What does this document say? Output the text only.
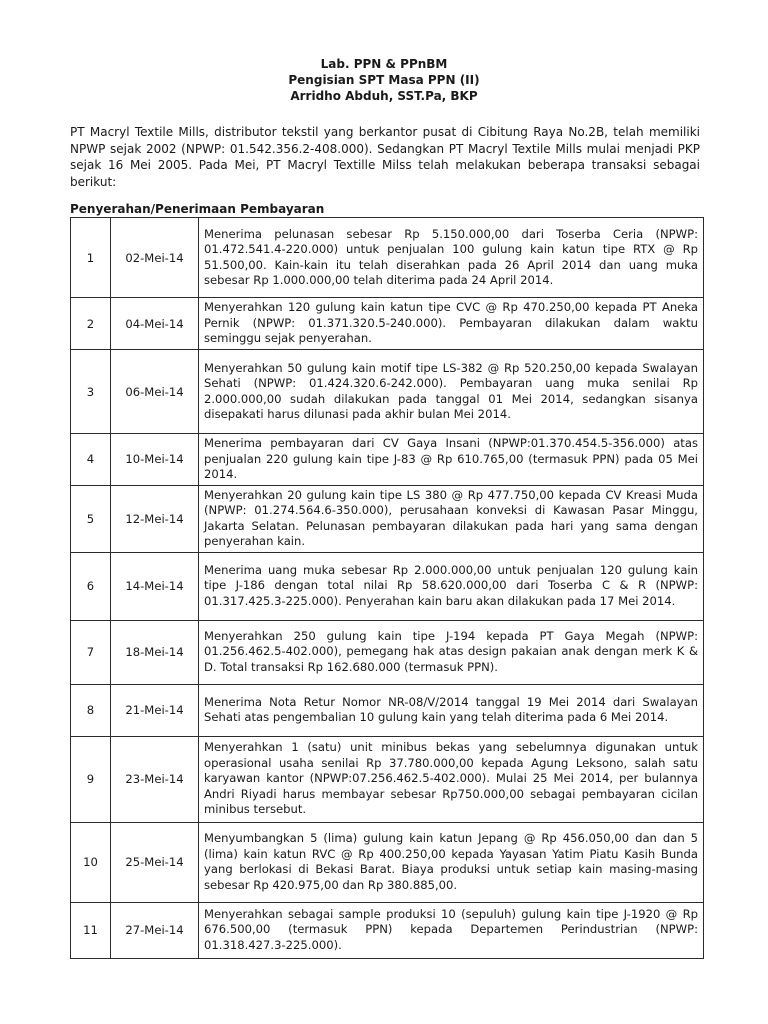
Lab. PPN & PPnBM
Pengisian SPT Masa PPN (II)
Arridho Abduh, SST.Pa, BKP
PT Macryl Textile Mills, distributor tekstil yang berkantor pusat di Cibitung Raya No.2B, telah memiliki NPWP sejak 2002 (NPWP: 01.542.356.2-408.000). Sedangkan PT Macryl Textile Mills mulai menjadi PKP sejak 16 Mei 2005. Pada Mei, PT Macryl Textille Milss telah melakukan beberapa transaksi sebagai berikut:
Penyerahan/Penerimaan Pembayaran
1	02-Mei-14	Menerima pelunasan sebesar Rp 5.150.000,00 dari Toserba Ceria (NPWP: 01.472.541.4-220.000) untuk penjualan 100 gulung kain katun tipe RTX @ Rp 51.500,00. Kain-kain itu telah diserahkan pada 26 April 2014 dan uang muka sebesar Rp 1.000.000,00 telah diterima pada 24 April 2014.
2	04-Mei-14	Menyerahkan 120 gulung kain katun tipe CVC @ Rp 470.250,00 kepada PT Aneka Pernik (NPWP: 01.371.320.5-240.000). Pembayaran dilakukan dalam waktu seminggu sejak penyerahan.
3	06-Mei-14	Menyerahkan 50 gulung kain motif tipe LS-382 @ Rp 520.250,00 kepada Swalayan Sehati (NPWP: 01.424.320.6-242.000). Pembayaran uang muka senilai Rp 2.000.000,00 sudah dilakukan pada tanggal 01 Mei 2014, sedangkan sisanya disepakati harus dilunasi pada akhir bulan Mei 2014.
4	10-Mei-14	Menerima pembayaran dari CV Gaya Insani (NPWP:01.370.454.5-356.000) atas penjualan 220 gulung kain tipe J-83 @ Rp 610.765,00 (termasuk PPN) pada 05 Mei 2014.
5	12-Mei-14	Menyerahkan 20 gulung kain tipe LS 380 @ Rp 477.750,00 kepada CV Kreasi Muda (NPWP: 01.274.564.6-350.000), perusahaan konveksi di Kawasan Pasar Minggu, Jakarta Selatan. Pelunasan pembayaran dilakukan pada hari yang sama dengan penyerahan kain.
6	14-Mei-14	Menerima uang muka sebesar Rp 2.000.000,00 untuk penjualan 120 gulung kain tipe J-186 dengan total nilai Rp 58.620.000,00 dari Toserba C & R (NPWP: 01.317.425.3-225.000). Penyerahan kain baru akan dilakukan pada 17 Mei 2014.
7	18-Mei-14	Menyerahkan 250 gulung kain tipe J-194 kepada PT Gaya Megah (NPWP: 01.256.462.5-402.000), pemegang hak atas design pakaian anak dengan merk K & D. Total transaksi Rp 162.680.000 (termasuk PPN).
8	21-Mei-14	Menerima Nota Retur Nomor NR-08/V/2014 tanggal 19 Mei 2014 dari Swalayan Sehati atas pengembalian 10 gulung kain yang telah diterima pada 6 Mei 2014.
9	23-Mei-14	Menyerahkan 1 (satu) unit minibus bekas yang sebelumnya digunakan untuk operasional usaha senilai Rp 37.780.000,00 kepada Agung Leksono, salah satu karyawan kantor (NPWP:07.256.462.5-402.000). Mulai 25 Mei 2014, per bulannya Andri Riyadi harus membayar sebesar Rp750.000,00 sebagai pembayaran cicilan minibus tersebut.
10	25-Mei-14	Menyumbangkan 5 (lima) gulung kain katun Jepang @ Rp 456.050,00 dan dan 5 (lima) kain katun RVC @ Rp 400.250,00 kepada Yayasan Yatim Piatu Kasih Bunda yang berlokasi di Bekasi Barat. Biaya produksi untuk setiap kain masing-masing sebesar Rp 420.975,00 dan Rp 380.885,00.
11	27-Mei-14	Menyerahkan sebagai sample produksi 10 (sepuluh) gulung kain tipe J-1920 @ Rp 676.500,00 (termasuk PPN) kepada Departemen Perindustrian (NPWP: 01.318.427.3-225.000).
